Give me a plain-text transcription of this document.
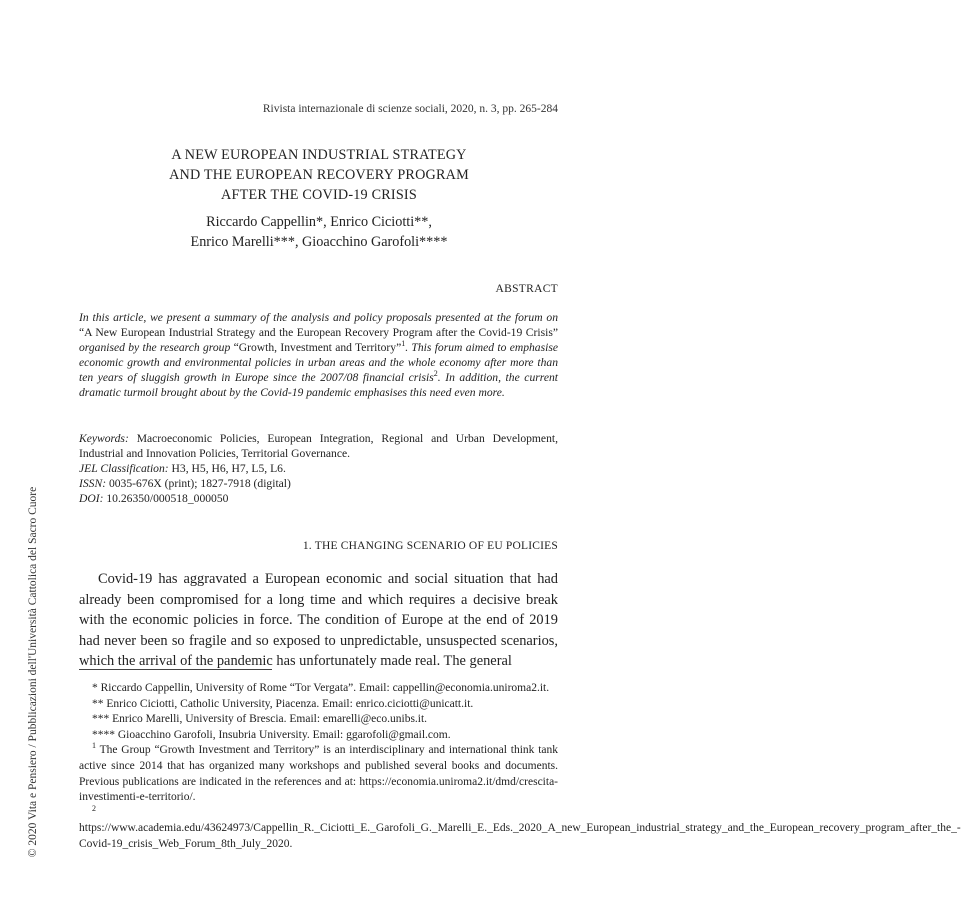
© 2020 Vita e Pensiero / Pubblicazioni dell'Università Cattolica del Sacro Cuore
Rivista internazionale di scienze sociali, 2020, n. 3, pp. 265-284
A NEW EUROPEAN INDUSTRIAL STRATEGY
AND THE EUROPEAN RECOVERY PROGRAM
AFTER THE COVID-19 CRISIS
Riccardo Cappellin*, Enrico Ciciotti**,
Enrico Marelli***, Gioacchino Garofoli****
ABSTRACT

In this article, we present a summary of the analysis and policy proposals presented at the forum on “A New European Industrial Strategy and the European Recovery Program after the Covid-19 Crisis” organised by the research group “Growth, Investment and Territory”$^1$. This forum aimed to emphasise economic growth and environmental policies in urban areas and the whole economy after more than ten years of sluggish growth in Europe since the 2007/08 financial crisis$^2$. In addition, the current dramatic turmoil brought about by the Covid-19 pandemic emphasises this need even more.

Keywords: Macroeconomic Policies, European Integration, Regional and Urban Development, Industrial and Innovation Policies, Territorial Governance.
JEL Classification: H3, H5, H6, H7, L5, L6.
ISSN: 0035-676X (print); 1827-7918 (digital)
DOI: 10.26350/000518_000050
1. THE CHANGING SCENARIO OF EU POLICIES

Covid-19 has aggravated a European economic and social situation that had already been compromised for a long time and which requires a decisive break with the economic policies in force. The condition of Europe at the end of 2019 had never been so fragile and so exposed to unpredictable, unsuspected scenarios, which the arrival of the pandemic has unfortunately made real. The general

* Riccardo Cappellin, University of Rome “Tor Vergata”. Email: cappellin@economia.uniroma2.it.

** Enrico Ciciotti, Catholic University, Piacenza. Email: enrico.ciciotti@unicatt.it.

*** Enrico Marelli, University of Brescia. Email: emarelli@eco.unibs.it.

**** Gioacchino Garofoli, Insubria University. Email: ggarofoli@gmail.com.

$^1$ The Group “Growth Investment and Territory” is an interdisciplinary and international think tank active since 2014 that has organized many workshops and published several books and documents. Previous publications are indicated in the references and at: https://economia.uniroma2.it/dmd/crescita-investimenti-e-territorio/.

$^2$ https://www.academia.edu/43624973/Cappellin_R._Ciciotti_E._Garofoli_G._Marelli_E._Eds._2020_A_new_European_industrial_strategy_and_the_European_recovery_program_after_the_-Covid-19_crisis_Web_Forum_8th_July_2020.
